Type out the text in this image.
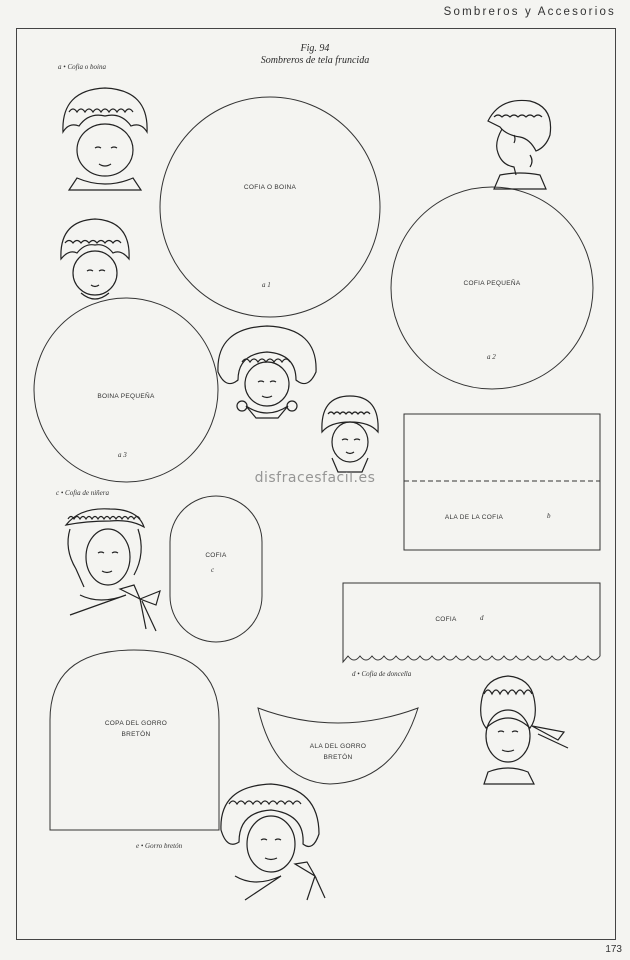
Sombreros y Accesorios
Fig. 94
Sombreros de tela fruncida
a • Cofia o boina
c • Cofia de niñera
d • Cofia de doncella
e • Gorro bretón
COFIA O BOINA
a 1	COFIA PEQUEÑA
a 2
BOINA PEQUEÑA
a 3
ALA DE LA COFIA	b
COFIA
c
COFIA	d
COPA DEL GORRO
BRETÓN
ALA DEL GORRO
BRETÓN
disfracesfacil.es
173
